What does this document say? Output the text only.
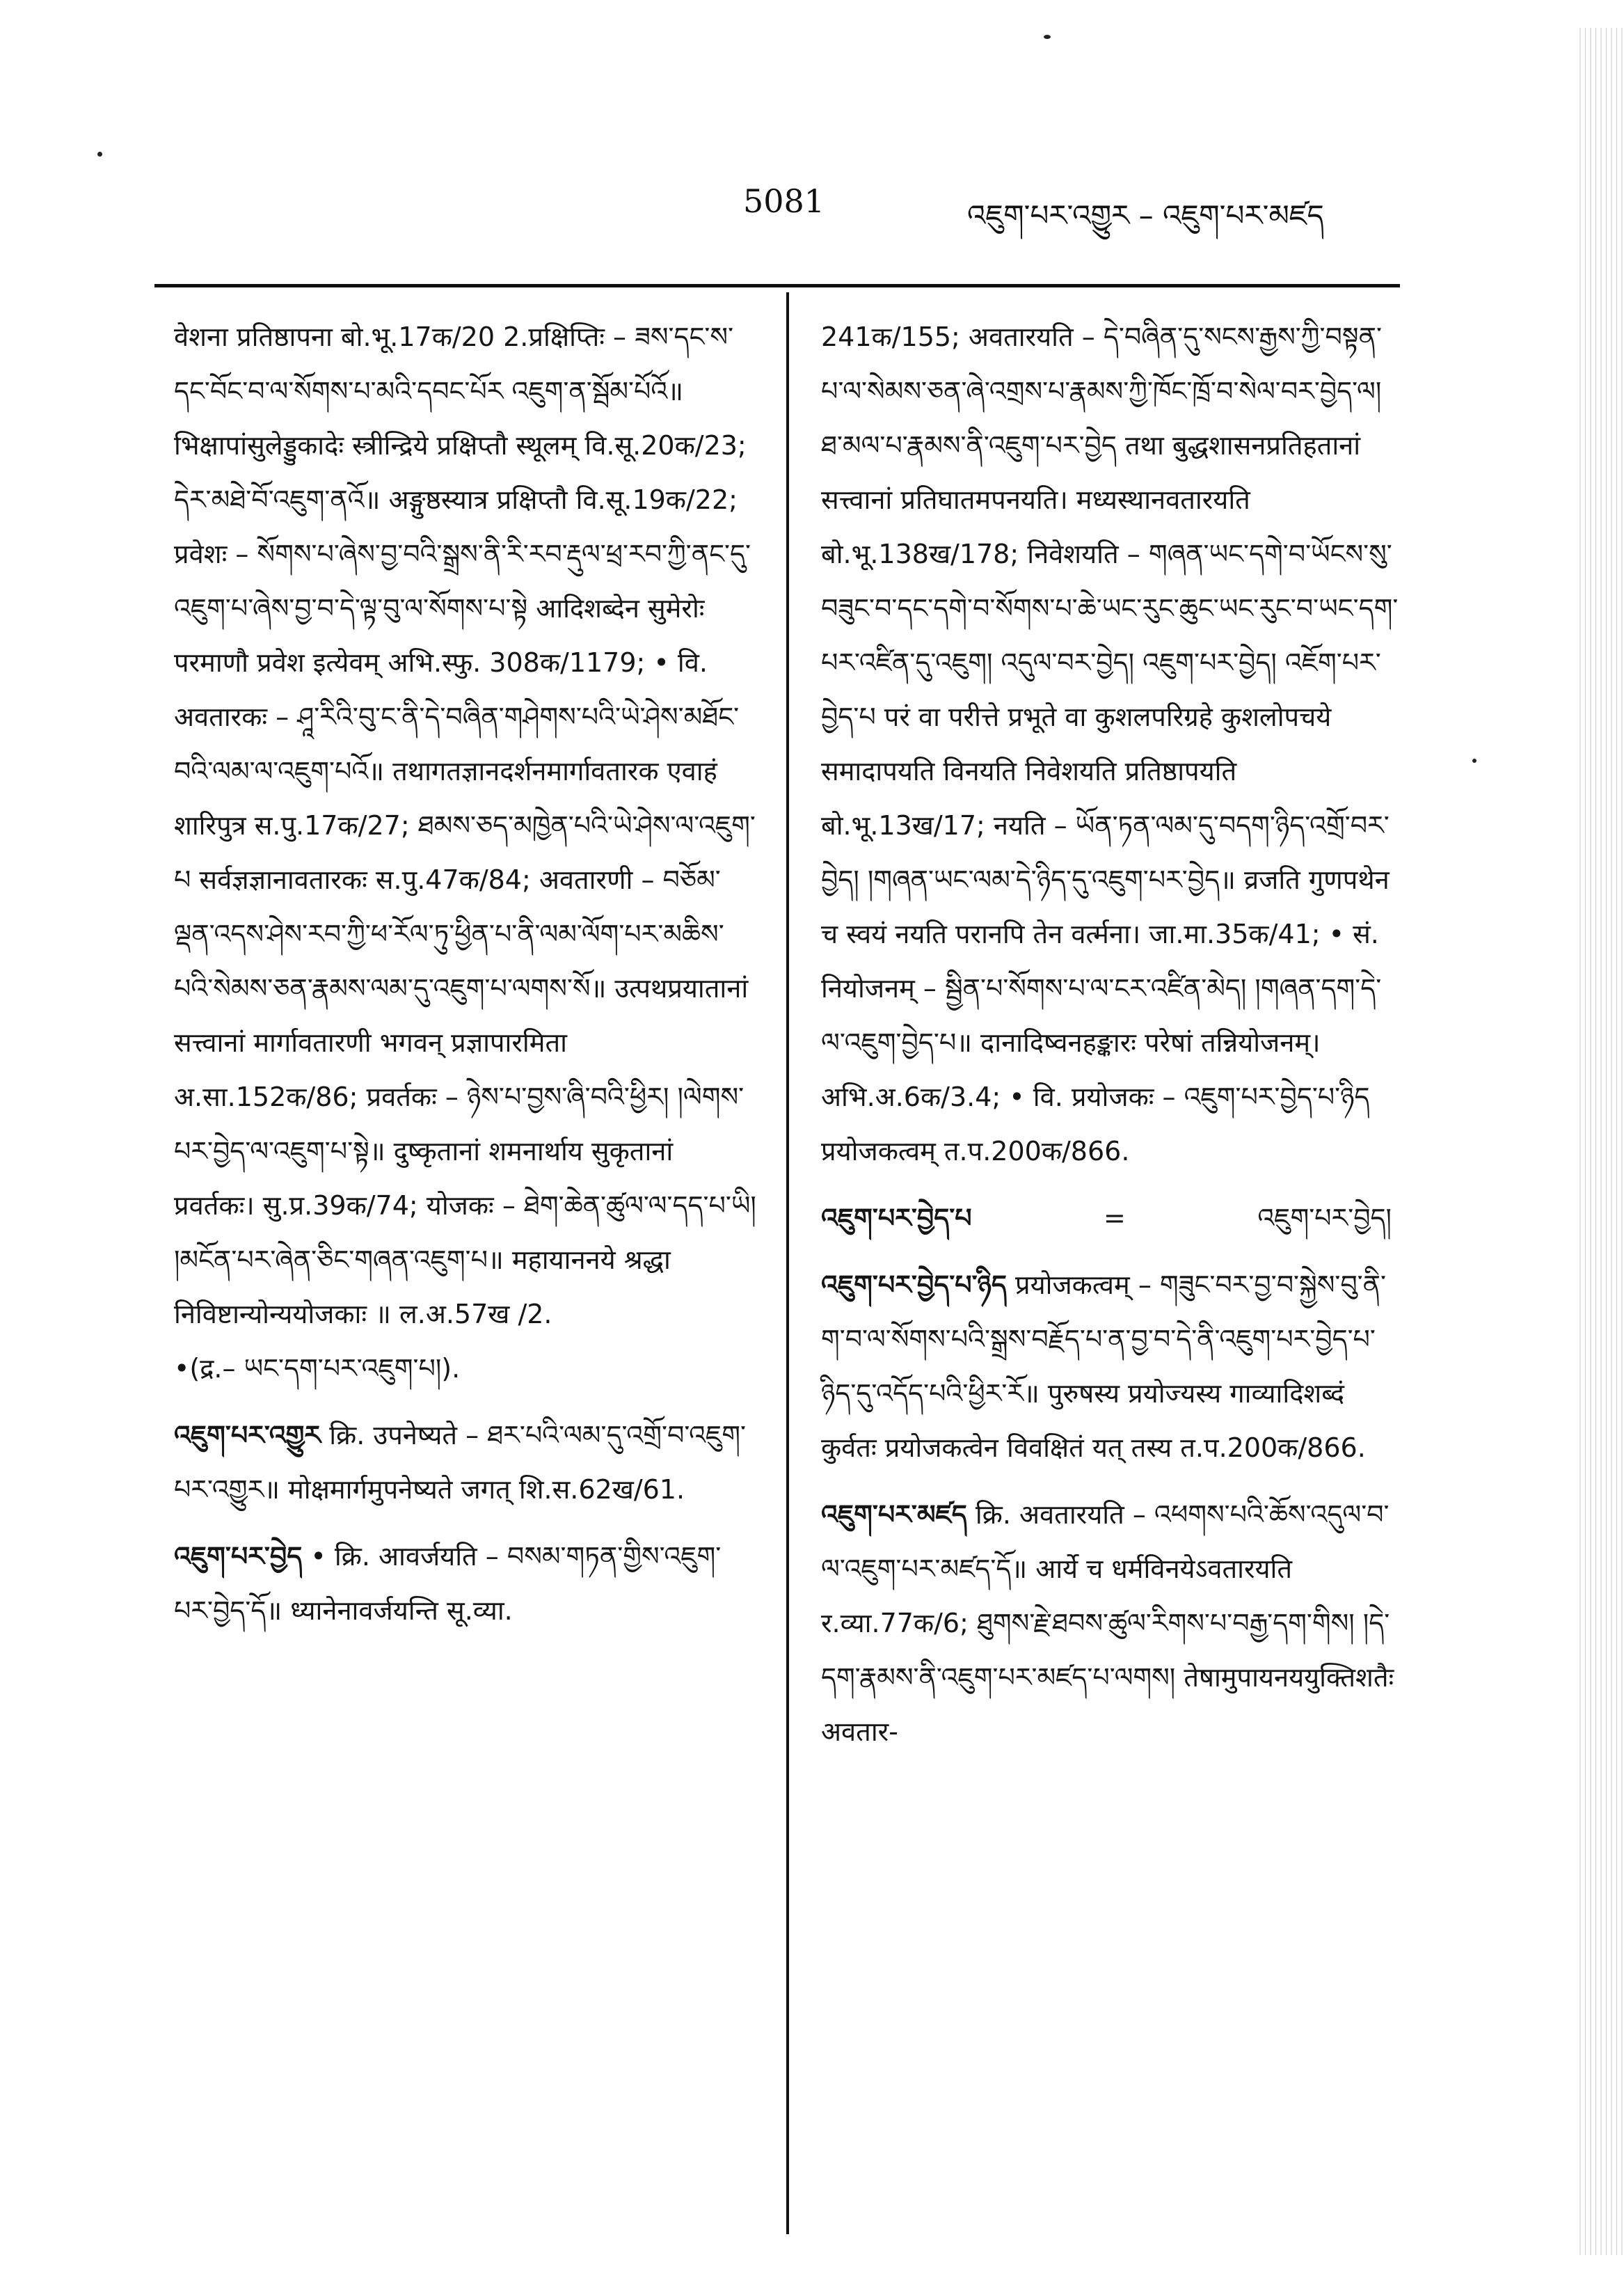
5081	འཇུག་པར་འགྱུར – འཇུག་པར་མཛད

वेशना प्रतिष्ठापना बो.भू.17क/20 2.प्रक्षिप्तिः – ཟས་དང་ས་དང་བོང་བ་ལ་སོགས་པ་མའི་དབང་པོར འཇུག་ན་སྦོམ་པོའོ॥ भिक्षापांसुलेड्डुकादेः स्त्रीन्द्रिये प्रक्षिप्तौ स्थूलम् वि.सू.20क/23; དེར་མཐེ་བོ་འཇུག་ནའོ॥ अङ्गुष्ठस्यात्र प्रक्षिप्तौ वि.सू.19क/22; प्रवेशः – སོགས་པ་ཞེས་བྱ་བའི་སྒྲས་ནི་རི་རབ་རྡུལ་ཕྲ་རབ་ཀྱི་ནང་དུ་འཇུག་པ་ཞེས་བྱ་བ་དེ་ལྟ་བུ་ལ་སོགས་པ་སྟེ आदिशब्देन सुमेरोः परमाणौ प्रवेश इत्येवम् अभि.स्फु. 308क/1179; • वि. अवतारकः – ཤཱ་རིའི་བུ་ང་ནི་དེ་བཞིན་གཤེགས་པའི་ཡེ་ཤེས་མཐོང་བའི་ལམ་ལ་འཇུག་པའོ॥ तथागतज्ञानदर्शनमार्गावतारक एवाहं शारिपुत्र स.पु.17क/27; ཐམས་ཅད་མཁྱེན་པའི་ཡེ་ཤེས་ལ་འཇུག་པ सर्वज्ञज्ञानावतारकः स.पु.47क/84; अवतारणी – བཅོམ་ལྡན་འདས་ཤེས་རབ་ཀྱི་ཕ་རོལ་ཏུ་ཕྱིན་པ་ནི་ལམ་ལོག་པར་མཆིས་པའི་སེམས་ཅན་རྣམས་ལམ་དུ་འཇུག་པ་ལགས་སོ॥ उत्पथप्रयातानां सत्त्वानां मार्गावतारणी भगवन् प्रज्ञापारमिता अ.सा.152क/86; प्रवर्तकः – ཉེས་པ་བྱས་ཞི་བའི་ཕྱིར། །ལེགས་པར་བྱེད་ལ་འཇུག་པ་སྟེ॥ दुष्कृतानां शमनार्थाय सुकृतानां प्रवर्तकः। सु.प्र.39क/74; योजकः – ཐེག་ཆེན་ཚུལ་ལ་དད་པ་ཡི། །མངོན་པར་ཞེན་ཅིང་གཞན་འཇུག་པ॥ महायाननये श्रद्धा निविष्टान्योन्ययोजकाः ॥ ल.अ.57ख /2.

•(द्र.– ཡང་དག་པར་འཇུག་པ།).

འཇུག་པར་འགྱུར क्रि. उपनेष्यते – ཐར་པའི་ལམ་དུ་འགྲོ་བ་འཇུག་པར་འགྱུར॥ मोक्षमार्गमुपनेष्यते जगत् शि.स.62ख/61.

འཇུག་པར་བྱེད • क्रि. आवर्जयति – བསམ་གཏན་གྱིས་འཇུག་པར་བྱེད་དོ॥ ध्यानेनावर्जयन्ति सू.व्या.

241क/155; अवतारयति – དེ་བཞིན་དུ་སངས་རྒྱས་ཀྱི་བསྟན་པ་ལ་སེམས་ཅན་ཞེ་འགྲས་པ་རྣམས་ཀྱི་ཁོང་ཁྲོ་བ་སེལ་བར་བྱེད་ལ། ཐ་མལ་པ་རྣམས་ནི་འཇུག་པར་བྱེད तथा बुद्धशासनप्रतिहतानां सत्त्वानां प्रतिघातमपनयति। मध्यस्थानवतारयति बो.भू.138ख/178; निवेशयति – གཞན་ཡང་དགེ་བ་ཡོངས་སུ་བཟུང་བ་དང་དགེ་བ་སོགས་པ་ཆེ་ཡང་རུང་ཆུང་ཡང་རུང་བ་ཡང་དག་པར་འཛིན་དུ་འཇུག། འདུལ་བར་བྱེད། འཇུག་པར་བྱེད། འཇོག་པར་བྱེད་པ परं वा परीत्ते प्रभूते वा कुशलपरिग्रहे कुशलोपचये समादापयति विनयति निवेशयति प्रतिष्ठापयति बो.भू.13ख/17; नयति – ཡོན་ཏན་ལམ་དུ་བདག་ཉིད་འགྲོ་བར་བྱེད། །གཞན་ཡང་ལམ་དེ་ཉིད་དུ་འཇུག་པར་བྱེད॥ व्रजति गुणपथेन च स्वयं नयति परानपि तेन वर्त्मना। जा.मा.35क/41; • सं. नियोजनम् – སྦྱིན་པ་སོགས་པ་ལ་ངར་འཛིན་མེད། །གཞན་དག་དེ་ལ་འཇུག་བྱེད་པ॥ दानादिष्वनहङ्कारः परेषां तन्नियोजनम्। अभि.अ.6क/3.4; • वि. प्रयोजकः – འཇུག་པར་བྱེད་པ་ཉིད प्रयोजकत्वम् त.प.200क/866.

འཇུག་པར་བྱེད་པ	=	འཇུག་པར་བྱེད།

འཇུག་པར་བྱེད་པ་ཉིད प्रयोजकत्वम् – གཟུང་བར་བྱ་བ་སྐྱེས་བུ་ནི་ག་བ་ལ་སོགས་པའི་སྒྲས་བརྗོད་པ་ན་བྱ་བ་དེ་ནི་འཇུག་པར་བྱེད་པ་ཉིད་དུ་འདོད་པའི་ཕྱིར་རོ॥ पुरुषस्य प्रयोज्यस्य गाव्यादिशब्दं कुर्वतः प्रयोजकत्वेन विवक्षितं यत् तस्य त.प.200क/866.

འཇུག་པར་མཛད क्रि. अवतारयति – འཕགས་པའི་ཆོས་འདུལ་བ་ལ་འཇུག་པར་མཛད་དོ॥ आर्ये च धर्मविनयेऽवतारयति र.व्या.77क/6; ཐུགས་རྗེ་ཐབས་ཚུལ་རིགས་པ་བརྒྱ་དག་གིས། །དེ་དག་རྣམས་ནི་འཇུག་པར་མཛད་པ་ལགས། तेषामुपायनययुक्तिशतैः अवतार-
